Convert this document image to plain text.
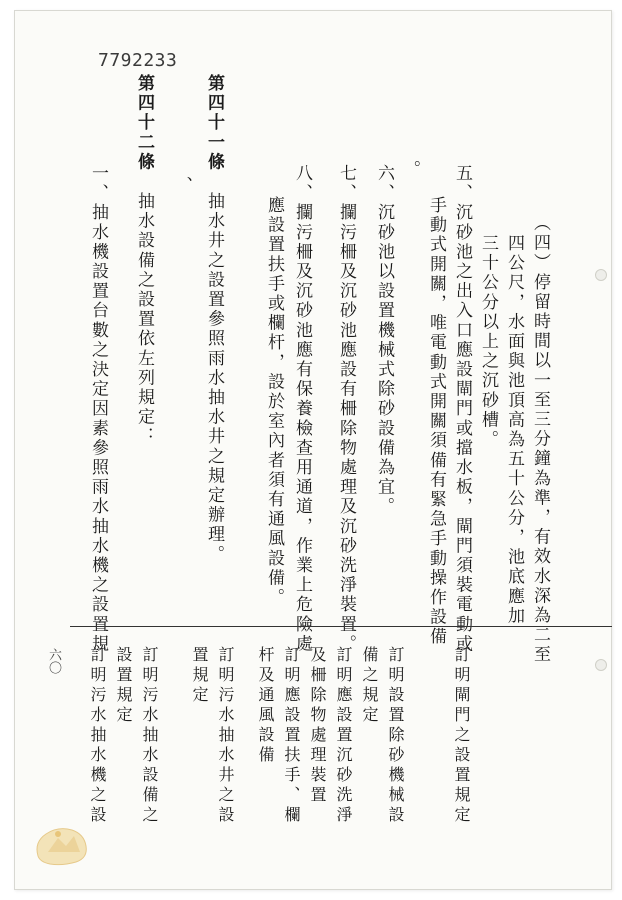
7792233
（四）停留時間以一至三分鐘為準，有效水深為二至
四公尺，水面與池頂高為五十公分，池底應加
三十公分以上之沉砂槽。
五、沉砂池之出入口應設閘門或擋水板，閘門須裝電動或
手動式開關，唯電動式開關須備有緊急手動操作設備
。
六、沉砂池以設置機械式除砂設備為宜。
七、攔污柵及沉砂池應設有柵除物處理及沉砂洗淨裝置。
八、攔污柵及沉砂池應有保養檢查用通道，作業上危險處
應設置扶手或欄杆，設於室內者須有通風設備。
第四十一條
、
抽水井之設置參照雨水抽水井之規定辦理。
第四十二條
抽水設備之設置依左列規定：
一、抽水機設置台數之決定因素參照雨水抽水機之設置規
訂明閘門之設置規定
訂明設置除砂機械設
備之規定
訂明應設置沉砂洗淨
及柵除物處理裝置
訂明應設置扶手、欄
杆及通風設備
訂明污水抽水井之設
置規定
訂明污水抽水設備之
設置規定
訂明污水抽水機之設
六〇
